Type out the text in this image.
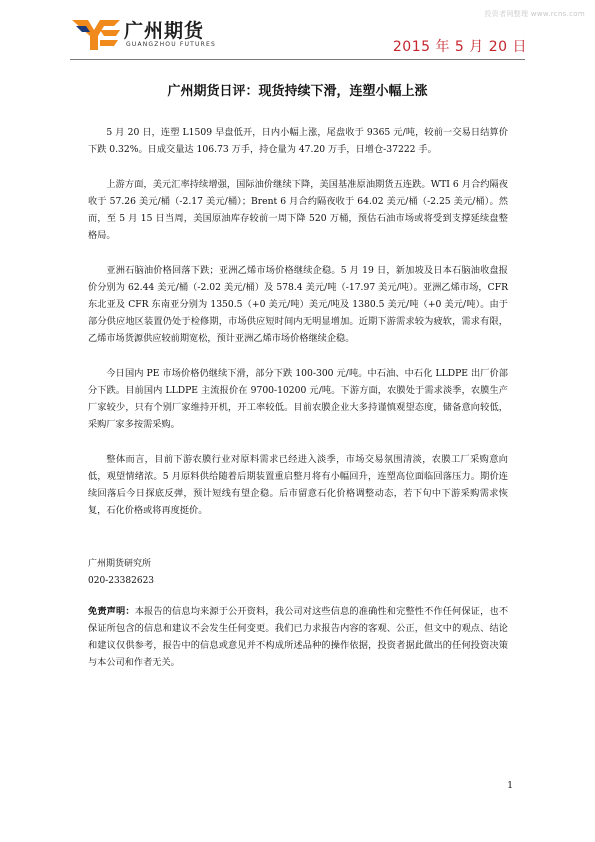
投资者网整理 www.rcns.com
广州期货
GUANGZHOU FUTURES	2015 年 5 月 20 日
广州期货日评：现货持续下滑，连塑小幅上涨

5 月 20 日，连塑 L1509 早盘低开，日内小幅上涨，尾盘收于 9365 元/吨，较前一交易日结算价下跌 0.32%。日成交量达 106.73 万手，持仓量为 47.20 万手，日增仓-37222 手。

上游方面，美元汇率持续增强，国际油价继续下降，美国基准原油期货五连跌。WTI 6 月合约隔夜收于 57.26 美元/桶（-2.17 美元/桶）；Brent 6 月合约隔夜收于 64.02 美元/桶（-2.25 美元/桶）。然而，至 5 月 15 日当周，美国原油库存较前一周下降 520 万桶，预估石油市场或将受到支撑延续盘整格局。

亚洲石脑油价格回落下跌；亚洲乙烯市场价格继续企稳。5 月 19 日，新加坡及日本石脑油收盘报价分别为 62.44 美元/桶（-2.02 美元/桶）及 578.4 美元/吨（-17.97 美元/吨）。亚洲乙烯市场，CFR 东北亚及 CFR 东南亚分别为 1350.5（+0 美元/吨）美元/吨及 1380.5 美元/吨（+0 美元/吨）。由于部分供应地区装置仍处于检修期，市场供应短时间内无明显增加。近期下游需求较为疲软，需求有限，乙烯市场货源供应较前期宽松，预计亚洲乙烯市场价格继续企稳。

今日国内 PE 市场价格仍继续下滑，部分下跌 100-300 元/吨。中石油、中石化 LLDPE 出厂价部分下跌。目前国内 LLDPE 主流报价在 9700-10200 元/吨。下游方面，农膜处于需求淡季，农膜生产厂家较少，只有个别厂家维持开机，开工率较低。目前农膜企业大多持谨慎观望态度，储备意向较低，采购厂家多按需采购。

整体而言，目前下游农膜行业对原料需求已经进入淡季，市场交易氛围清淡，农膜工厂采购意向低，观望情绪浓。5 月原料供给随着后期装置重启整月将有小幅回升，连塑高位面临回落压力。期价连续回落后今日探底反弹，预计短线有望企稳。后市留意石化价格调整动态，若下旬中下游采购需求恢复，石化价格或将再度挺价。

广州期货研究所
020-23382623
免责声明：本报告的信息均来源于公开资料，我公司对这些信息的准确性和完整性不作任何保证，也不保证所包含的信息和建议不会发生任何变更。我们已力求报告内容的客观、公正，但文中的观点、结论和建议仅供参考，报告中的信息或意见并不构成所述品种的操作依据，投资者据此做出的任何投资决策与本公司和作者无关。
1
